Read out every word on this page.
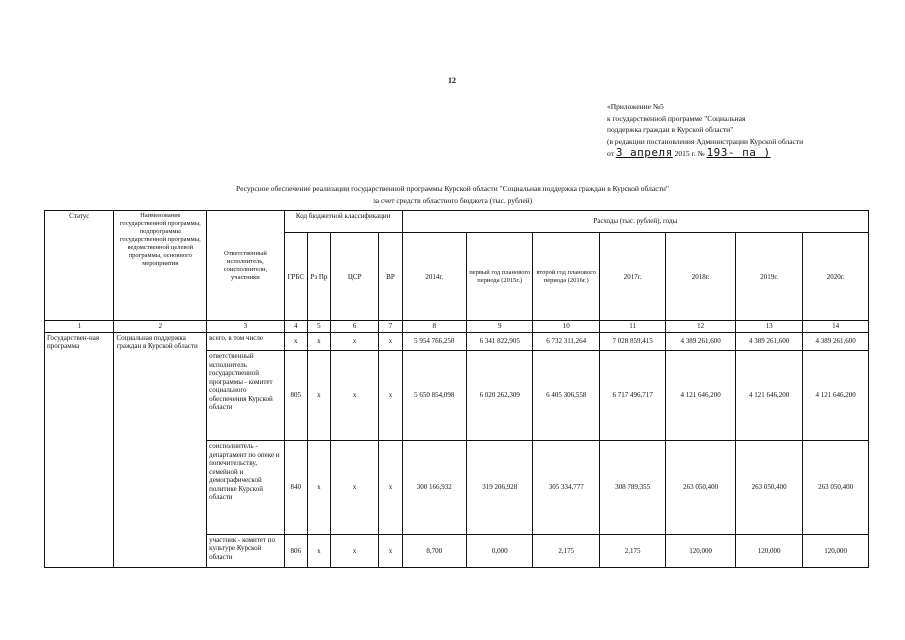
12
«Приложение №5
к государственной программе "Социальная
поддержка граждан в Курской области"
(в редакции постановления Администрации Курской области
от 3 апреля 2015 г. № 193- па )
Ресурсное обеспечение реализации государственной программы Курской области "Социальная поддержка граждан в Курской области"
за счет средств областного бюджета (тыс. рублей)
Статус	Наименование государственной программы, подпрограммы государственной программы, ведомственной целевой программы, основного мероприятия	Ответственный исполнитель, соисполнители, участники	Код бюджетной классификации				Расходы (тыс. рублей), годы						
			ГРБС	Рз Пр	ЦСР	ВР	2014г.	первый год планового периода (2015г.)	второй год планового периода (2016г.)	2017г.	2018г.	2019г.	2020г.
1	2	3	4	5	6	7	8	9	10	11	12	13	14
Государствен-ная программа	Социальная поддержка граждан в Курской области	всего, в том числе	x	x	x	x	5 954 766,250	6 341 822,905	6 732 311,264	7 028 859,415	4 389 261,600	4 389 261,600	4 389 261,600
		ответственный исполнитель государственной программы - комитет социального обеспечения Курской области	805	x	x	x	5 650 854,098	6 020 262,309	6 405 306,558	6 717 496,717	4 121 646,200	4 121 646,200	4 121 646,200
		соисполнитель - департамент по опеке и попечительству, семейной и демографической политике Курской области	840	x	x	x	300 166,932	319 206,928	305 334,777	308 789,355	263 050,400	263 050,400	263 050,400
		участник - комитет по культуре Курской области	806	x	x	x	8,700	0,000	2,175	2,175	120,000	120,000	120,000
